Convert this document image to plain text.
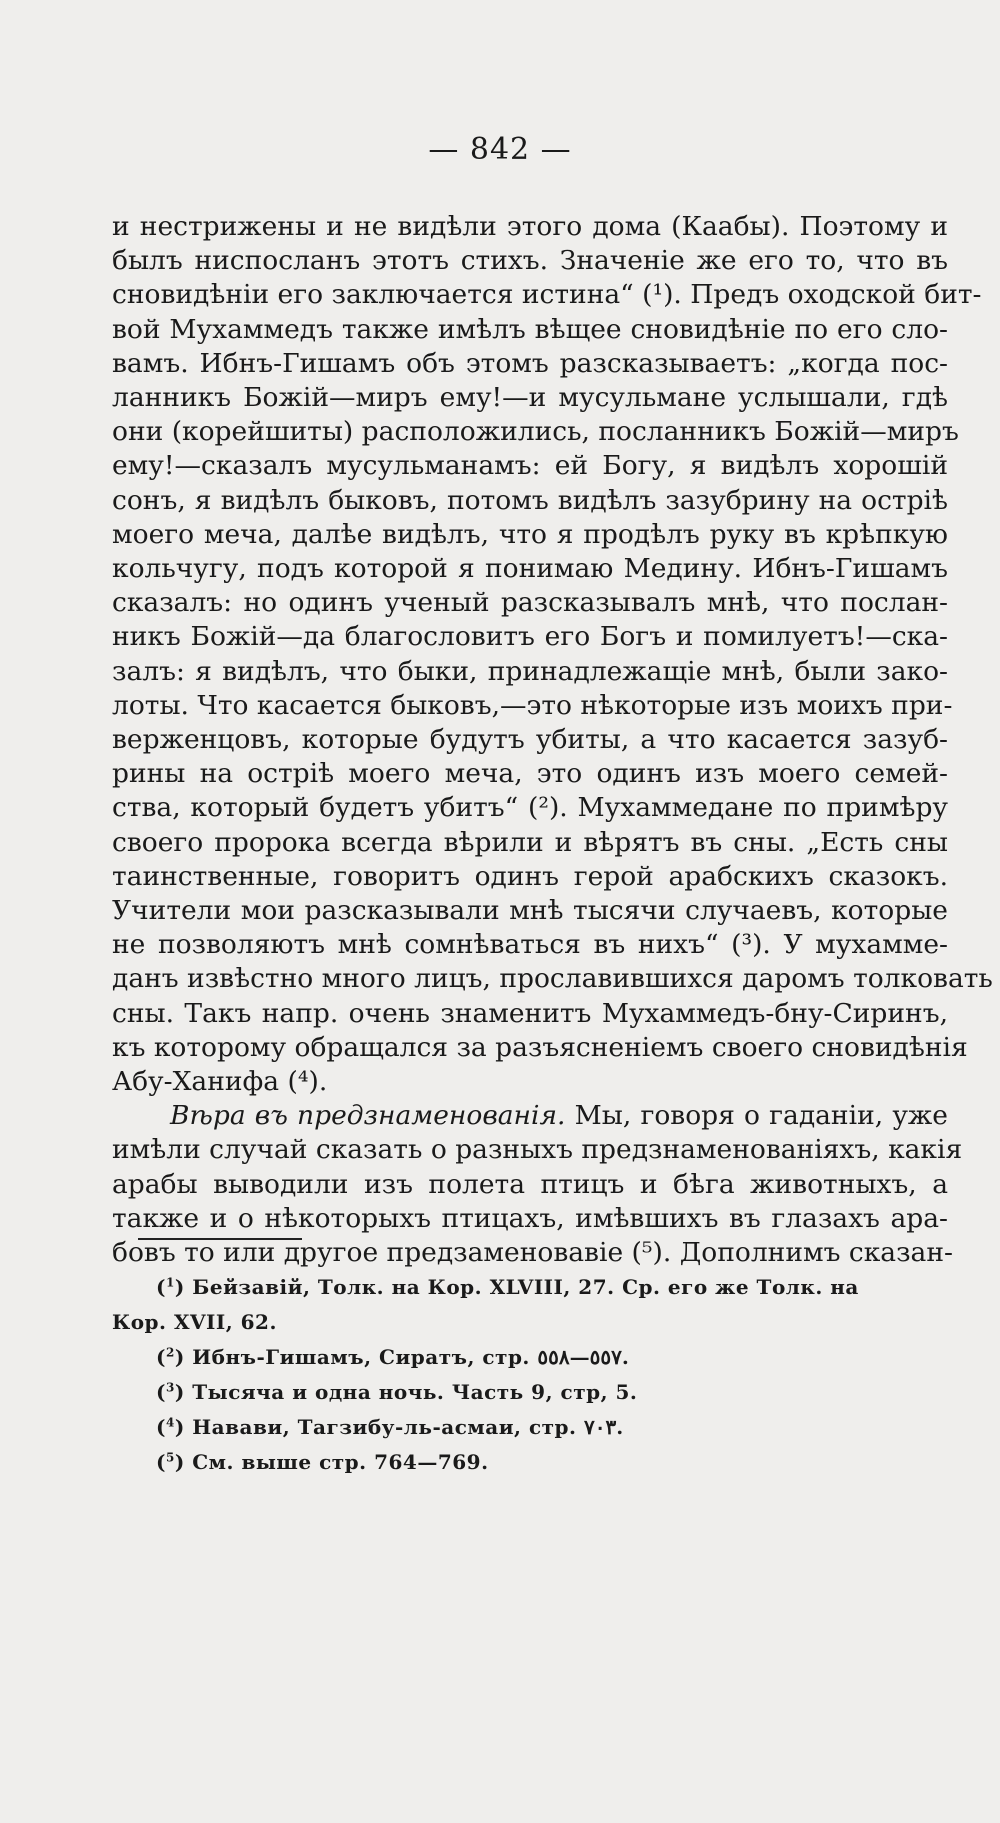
— 842 —
и нестрижены и не видѣли этого дома (Каабы). Поэтому и
былъ ниспосланъ этотъ стихъ. Значенiе же его то, что въ
сновидѣнiи его заключается истина“ (¹). Предъ оходской бит-
вой Мухаммедъ также имѣлъ вѣщее сновидѣнiе по его сло-
вамъ. Ибнъ-Гишамъ объ этомъ разсказываетъ: „когда пос-
ланникъ Божiй—миръ ему!—и мусульмане услышали, гдѣ
они (корейшиты) расположились, посланникъ Божiй—миръ
ему!—сказалъ мусульманамъ: ей Богу, я видѣлъ хорошiй
сонъ, я видѣлъ быковъ, потомъ видѣлъ зазубрину на острiѣ
моего меча, далѣе видѣлъ, что я продѣлъ руку въ крѣпкую
кольчугу, подъ которой я понимаю Медину. Ибнъ-Гишамъ
сказалъ: но одинъ ученый разсказывалъ мнѣ, что послан-
никъ Божiй—да благословитъ его Богъ и помилуетъ!—ска-
залъ: я видѣлъ, что быки, принадлежащiе мнѣ, были зако-
лоты. Что касается быковъ,—это нѣкоторые изъ моихъ при-
верженцовъ, которые будутъ убиты, а что касается зазуб-
рины на острiѣ моего меча, это одинъ изъ моего семей-
ства, который будетъ убитъ“ (²). Мухаммедане по примѣру
своего пророка всегда вѣрили и вѣрятъ въ сны. „Есть сны
таинственные, говоритъ одинъ герой арабскихъ сказокъ.
Учители мои разсказывали мнѣ тысячи случаевъ, которые
не позволяютъ мнѣ сомнѣваться въ нихъ“ (³). У мухамме-
данъ извѣстно много лицъ, прославившихся даромъ толковать
сны. Такъ напр. очень знаменитъ Мухаммедъ-бну-Сиринъ,
къ которому обращался за разъясненiемъ своего сновидѣнiя
Абу-Ханифа (⁴).
Вѣра въ предзнаменованiя. Мы, говоря о гаданiи, уже
имѣли случай сказать о разныхъ предзнаменованiяхъ, какiя
арабы выводили изъ полета птицъ и бѣга животныхъ, а
также и о нѣкоторыхъ птицахъ, имѣвшихъ въ глазахъ ара-
бовъ то или другое предзаменовавiе (⁵). Дополнимъ сказан-
($^1$) Бейзавiй, Толк. на Кор. XLVIII, 27. Ср. его же Толк. на
Кор. XVII, 62.
($^2$) Ибнъ-Гишамъ, Сиратъ, стр. ٥٥٧—٥٥٨.
($^3$) Тысяча и одна ночь. Часть 9, стр, 5.
($^4$) Навави, Тагзибу-ль-асмаи, стр. ٧٠٣.
($^5$) См. выше стр. 764—769.
